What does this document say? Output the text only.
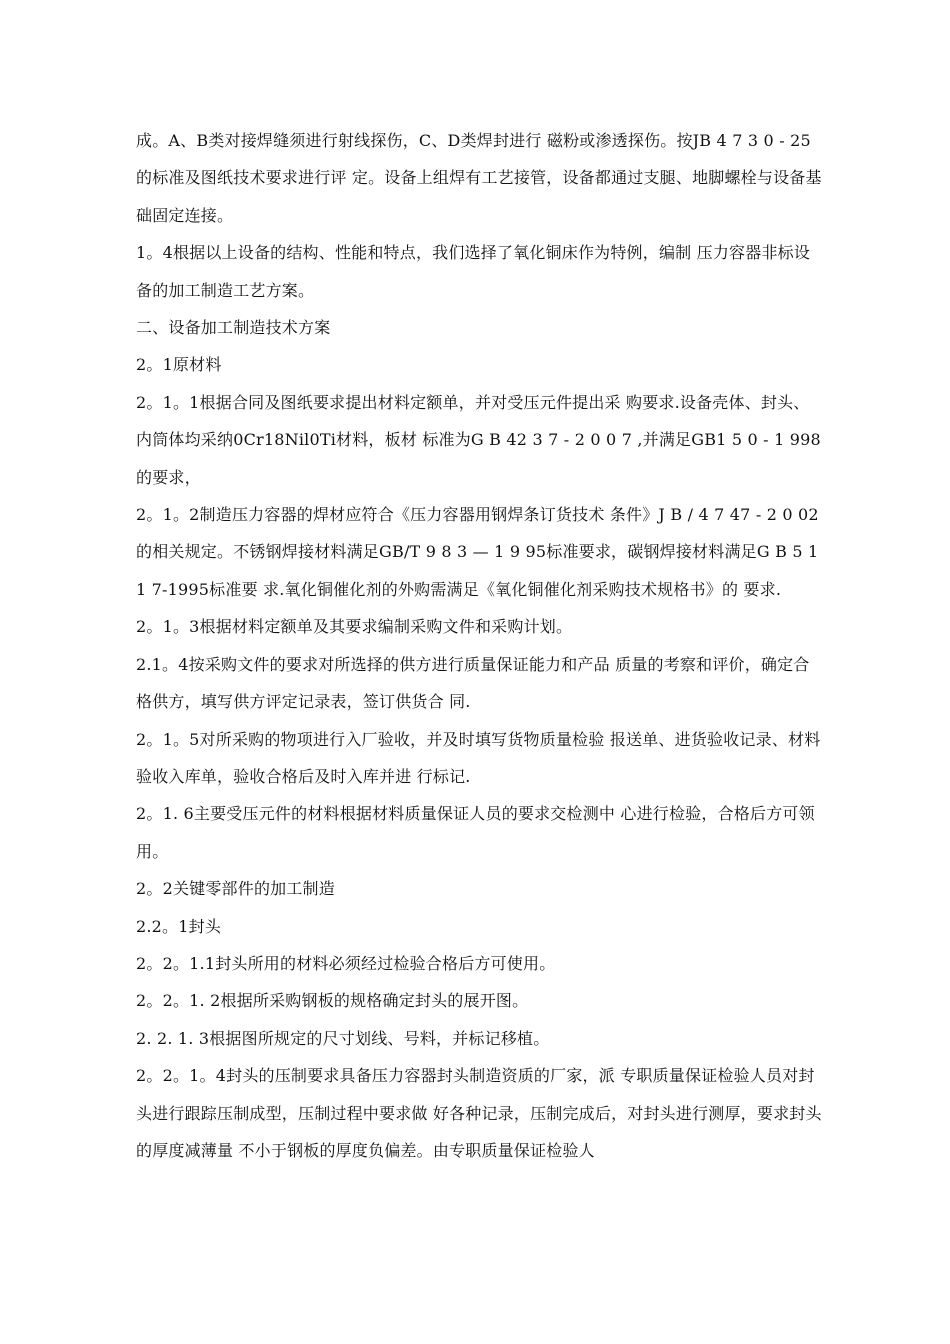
成。A、B类对接焊缝须进行射线探伤，C、D类焊封进行 磁粉或渗透探伤。按JB 4 7 3 0 - 25的标准及图纸技术要求进行评 定。设备上组焊有工艺接管，设备都通过支腿、地脚螺栓与设备基础固定连接。

1。4根据以上设备的结构、性能和特点，我们选择了氧化铜床作为特例，编制 压力容器非标设备的加工制造工艺方案。

二、设备加工制造技术方案

2。1原材料

2。1。1根据合同及图纸要求提出材料定额单，并对受压元件提出采 购要求.设备壳体、封头、内筒体均采纳0Cr18Nil0Ti材料，板材 标准为G B 42 3 7 - 2 0 0 7 ,并满足GB1 5 0 - 1 998的要求，

2。1。2制造压力容器的焊材应符合《压力容器用钢焊条订货技术 条件》J B / 4 7 47 - 2 0 02的相关规定。不锈钢焊接材料满足GB/T 9 8 3 — 1 9 95标准要求，碳钢焊接材料满足G B 5 1 1 7-1995标准要 求.氧化铜催化剂的外购需满足《氧化铜催化剂采购技术规格书》的 要求.

2。1。3根据材料定额单及其要求编制采购文件和采购计划。

2.1。4按采购文件的要求对所选择的供方进行质量保证能力和产品 质量的考察和评价，确定合格供方，填写供方评定记录表，签订供货合 同.

2。1。5对所采购的物项进行入厂验收，并及时填写货物质量检验 报送单、进货验收记录、材料验收入库单，验收合格后及时入库并进 行标记.

2。1. 6主要受压元件的材料根据材料质量保证人员的要求交检测中 心进行检验，合格后方可领用。

2。2关键零部件的加工制造

2.2。1封头

2。2。1.1封头所用的材料必须经过检验合格后方可使用。

2。2。1. 2根据所采购钢板的规格确定封头的展开图。

2. 2. 1. 3根据图所规定的尺寸划线、号料，并标记移植。

2。2。1。4封头的压制要求具备压力容器封头制造资质的厂家，派 专职质量保证检验人员对封头进行跟踪压制成型，压制过程中要求做 好各种记录，压制完成后，对封头进行测厚，要求封头的厚度减薄量 不小于钢板的厚度负偏差。由专职质量保证检验人
